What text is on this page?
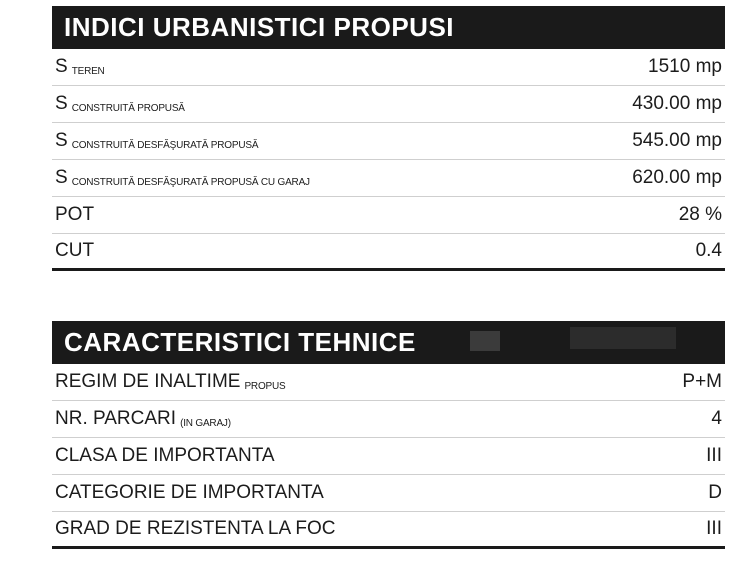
INDICI URBANISTICI PROPUSI
S $_{TEREN}$	1510 mp
S $_{CONSTRUITĂ PROPUSĂ}$	430.00 mp
S $_{CONSTRUITĂ DESFĂŞURATĂ PROPUSĂ}$	545.00 mp
S $_{CONSTRUITĂ DESFĂŞURATĂ PROPUSĂ CU GARAJ}$	620.00 mp
POT	28 %
CUT	0.4
CARACTERISTICI TEHNICE
REGIM DE INALTIME $_{PROPUS}$	P+M
NR. PARCARI $_{(IN GARAJ)}$	4
CLASA DE IMPORTANTA	III
CATEGORIE DE IMPORTANTA	D
GRAD DE REZISTENTA LA FOC	III
